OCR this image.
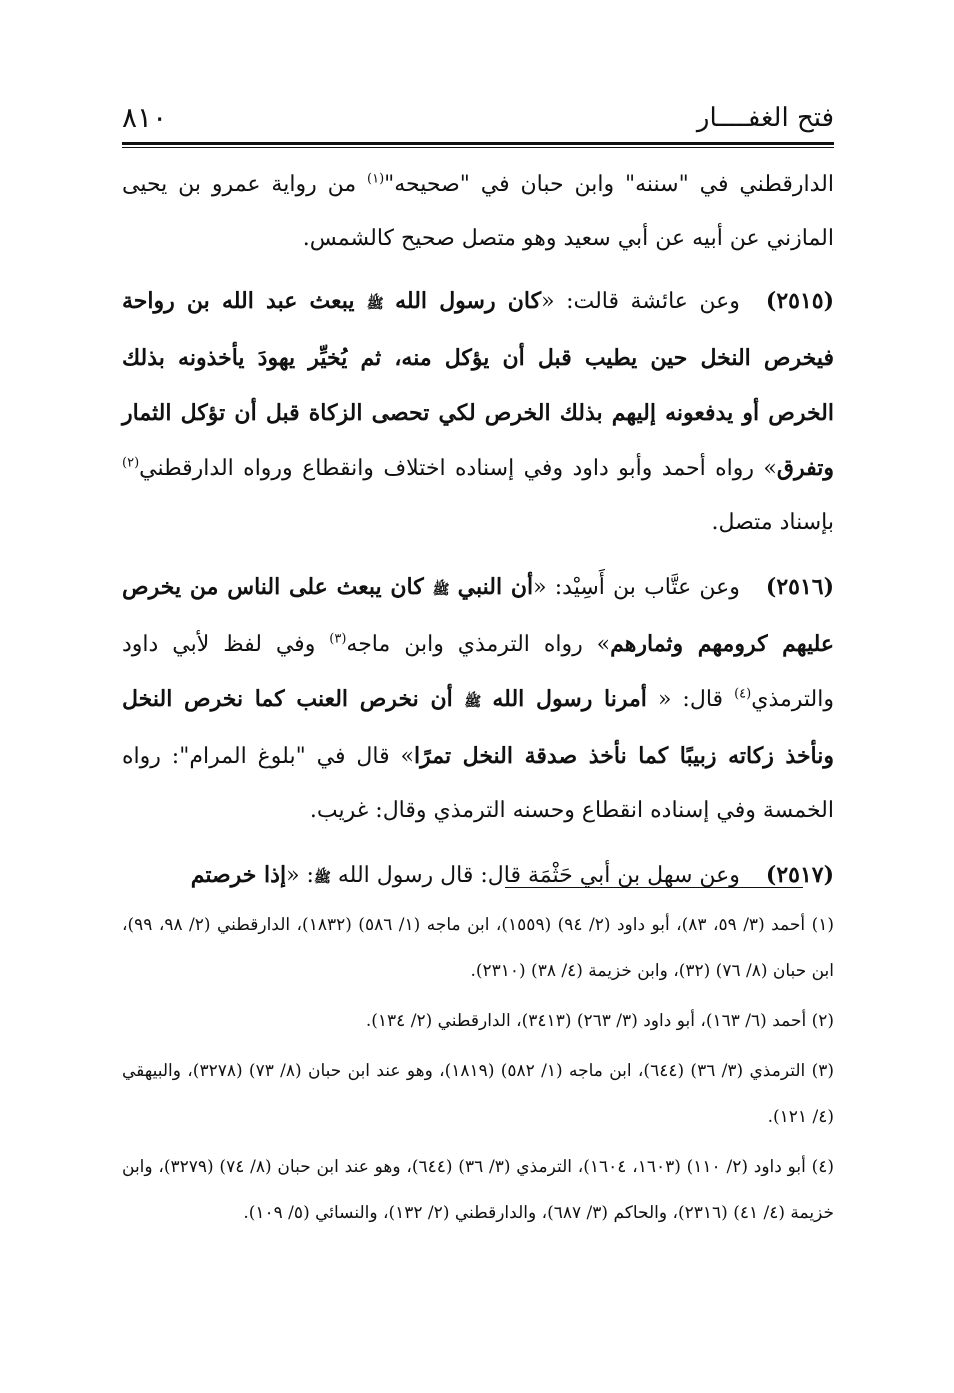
٨١٠	فتح الغفــــار

الدارقطني في "سننه" وابن حبان في "صحيحه"$^{(١)}$ من رواية عمرو بن يحيى المازني عن أبيه عن أبي سعيد وهو متصل صحيح كالشمس.

(٢٥١٥)وعن عائشة قالت: «كان رسول الله ﷺ يبعث عبد الله بن رواحة فيخرص النخل حين يطيب قبل أن يؤكل منه، ثم يُخيِّر يهودَ يأخذونه بذلك الخرص أو يدفعونه إليهم بذلك الخرص لكي تحصى الزكاة قبل أن تؤكل الثمار وتفرق» رواه أحمد وأبو داود وفي إسناده اختلاف وانقطاع ورواه الدارقطني$^{(٢)}$ بإسناد متصل.

(٢٥١٦)وعن عتَّاب بن أَسِيْد: «أن النبي ﷺ كان يبعث على الناس من يخرص عليهم كرومهم وثمارهم» رواه الترمذي وابن ماجه$^{(٣)}$ وفي لفظ لأبي داود والترمذي$^{(٤)}$ قال: « أمرنا رسول الله ﷺ أن نخرص العنب كما نخرص النخل ونأخذ زكاته زبيبًا كما نأخذ صدقة النخل تمرًا» قال في "بلوغ المرام": رواه الخمسة وفي إسناده انقطاع وحسنه الترمذي وقال: غريب.

(٢٥١٧)وعن سهل بن أبي حَثْمَة قال: قال رسول الله ﷺ: «إذا خرصتم

(١) أحمد (٣/ ٥٩، ٨٣)، أبو داود (٢/ ٩٤) (١٥٥٩)، ابن ماجه (١/ ٥٨٦) (١٨٣٢)، الدارقطني (٢/ ٩٨، ٩٩)، ابن حبان (٨/ ٧٦) (٣٢)، وابن خزيمة (٤/ ٣٨) (٢٣١٠).

(٢) أحمد (٦/ ١٦٣)، أبو داود (٣/ ٢٦٣) (٣٤١٣)، الدارقطني (٢/ ١٣٤).

(٣) الترمذي (٣/ ٣٦) (٦٤٤)، ابن ماجه (١/ ٥٨٢) (١٨١٩)، وهو عند ابن حبان (٨/ ٧٣) (٣٢٧٨)، والبيهقي (٤/ ١٢١).

(٤) أبو داود (٢/ ١١٠) (١٦٠٣، ١٦٠٤)، الترمذي (٣/ ٣٦) (٦٤٤)، وهو عند ابن حبان (٨/ ٧٤) (٣٢٧٩)، وابن خزيمة (٤/ ٤١) (٢٣١٦)، والحاكم (٣/ ٦٨٧)، والدارقطني (٢/ ١٣٢)، والنسائي (٥/ ١٠٩).
